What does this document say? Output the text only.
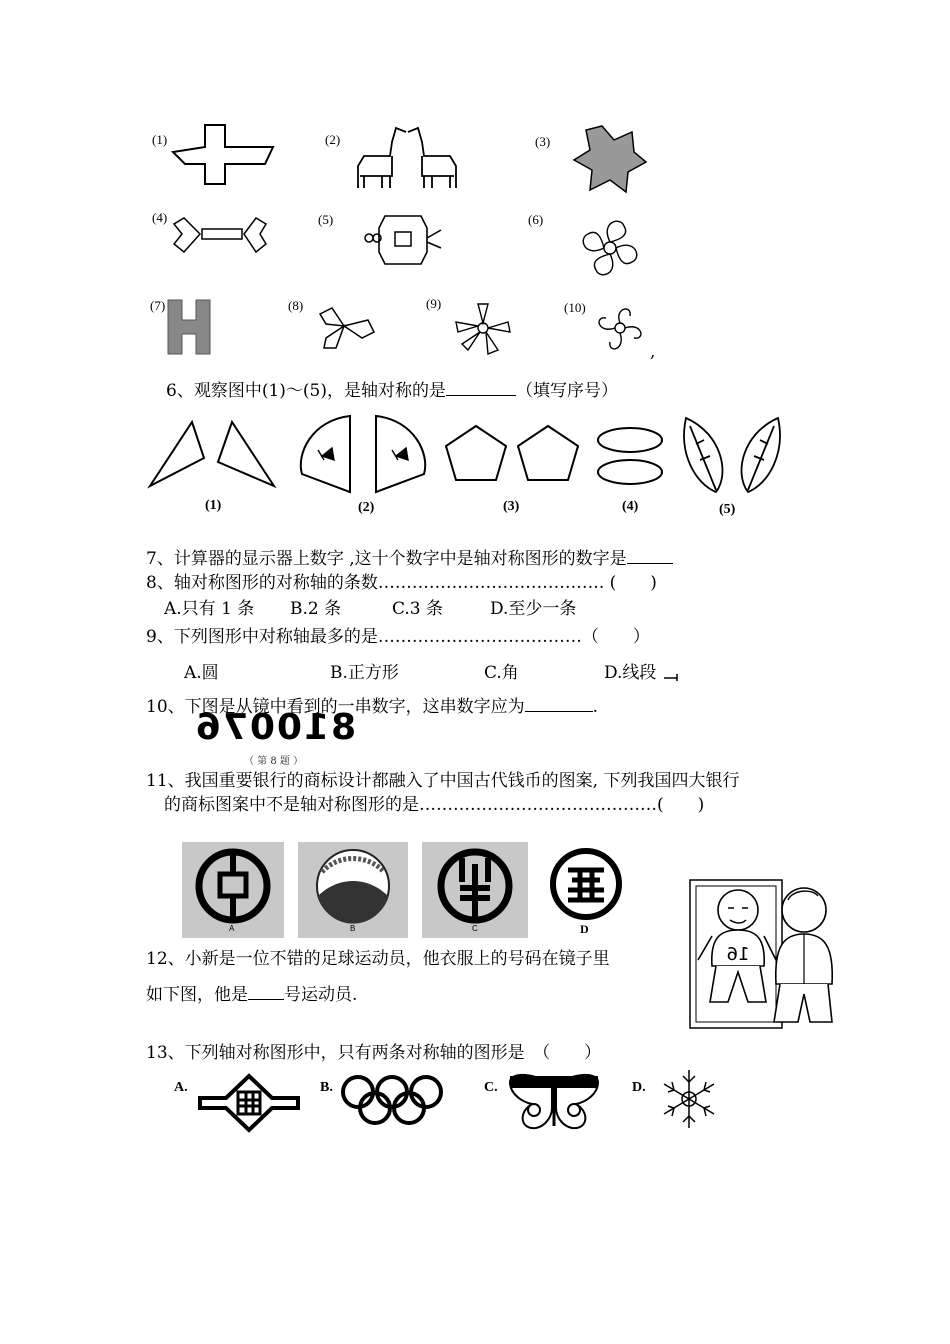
(1)	(2)	(3)
(4)	(5)	(6)
(7)	(8)	(9)	(10)
,
6、观察图中(1)～(5)，是轴对称的是	（填写序号）
(1)	(2)	(3)	(4)	(5)
7、计算器的显示器上数字 ,这十个数字中是轴对称图形的数字是
8、轴对称图形的对称轴的条数…………………………………. (　　)
A.只有 1 条 B.2 条	C.3 条	D.至少一条
9、下列图形中对称轴最多的是………………………………（　　）
A.圆	B.正方形	C.角	D.线段
10、下图是从镜中看到的一串数字，这串数字应为	.
810076
（ 第 8 题 ）
11、我国重要银行的商标设计都融入了中国古代钱币的图案, 下列我国四大银行
的商标图案中不是轴对称图形的是……………………………………(　　)
A	B	C	D
12、小新是一位不错的足球运动员，他衣服上的号码在镜子里
如下图，他是 号运动员.
16
13、下列轴对称图形中，只有两条对称轴的图形是　（　　）
A.	B.	C.	D.
